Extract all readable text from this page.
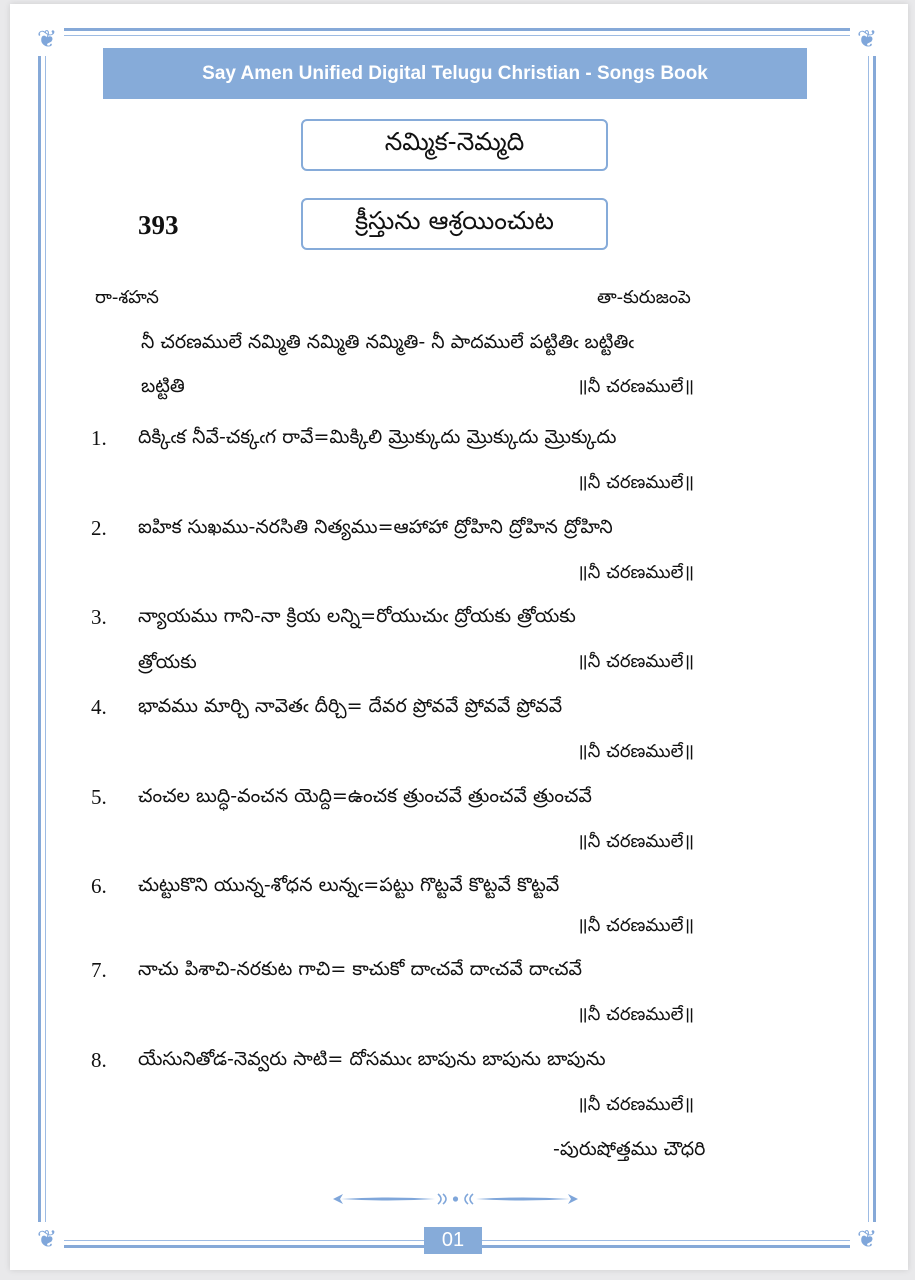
❦	❦
❦	❦
Say Amen Unified Digital Telugu Christian - Songs Book
నమ్మిక-నెమ్మది
393	క్రీస్తును ఆశ్రయించుట
రా-శహన	తా-కురుజంపె
నీ చరణములే నమ్మితి నమ్మితి నమ్మితి- నీ పాదములే పట్టితిఁ బట్టితిఁ
బట్టితి	॥నీ చరణములే॥
1. దిక్కిఁక నీవే-చక్కఁగ రావే=మిక్కిలి మ్రొక్కుదు మ్రొక్కుదు మ్రొక్కుదు
॥నీ చరణములే॥
2. ఐహిక సుఖము-నరసితి నిత్యము=ఆహాహా ద్రోహిని ద్రోహిన ద్రోహిని
॥నీ చరణములే॥
3. న్యాయము గాని-నా క్రియ లన్ని=రోయుచుఁ ద్రోయకు త్రోయకు
త్రోయకు	॥నీ చరణములే॥
4. భావము మార్చి నావెతఁ దీర్చి= దేవర ప్రోవవే ప్రోవవే ప్రోవవే
॥నీ చరణములే॥
5. చంచల బుద్ధి-వంచన యెద్ది=ఉంచక త్రుంచవే త్రుంచవే త్రుంచవే
॥నీ చరణములే॥
6. చుట్టుకొని యున్న-శోధన లున్నఁ=పట్టు గొట్టవే కొట్టవే కొట్టవే
॥నీ చరణములే॥
7. నాచు పిశాచి-నరకుట గాచి= కాచుకో దాఁచవే దాఁచవే దాఁచవే
॥నీ చరణములే॥
8. యేసునితోడ-నెవ్వరు సాటి= దోసముఁ బాపును బాపును బాపును
॥నీ చరణములే॥
-పురుషోత్తము చౌధరి
01
